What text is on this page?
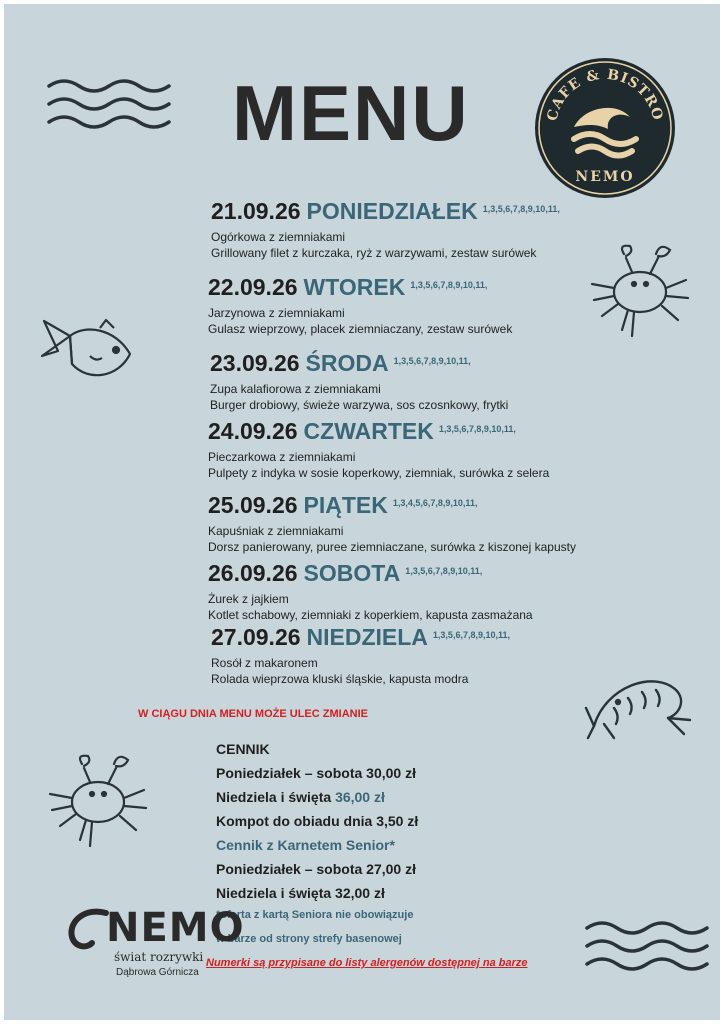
MENU	CAFE & BISTRO
NEMO
21.09.26 PONIEDZIAŁEK $^{1,3,5,6,7,8,9,10,11,}$
Ogórkowa z ziemniakami
Grillowany filet z kurczaka, ryż z warzywami, zestaw surówek
22.09.26 WTOREK $^{1,3,5,6,7,8,9,10,11,}$
Jarzynowa z ziemniakami
Gulasz wieprzowy, placek ziemniaczany, zestaw surówek
23.09.26 ŚRODA $^{1,3,5,6,7,8,9,10,11,}$
Zupa kalafiorowa z ziemniakami
Burger drobiowy, świeże warzywa, sos czosnkowy, frytki
24.09.26 CZWARTEK $^{1,3,5,6,7,8,9,10,11,}$
Pieczarkowa z ziemniakami
Pulpety z indyka w sosie koperkowy, ziemniak, surówka z selera
25.09.26 PIĄTEK $^{1,3,4,5,6,7,8,9,10,11,}$
Kapuśniak z ziemniakami
Dorsz panierowany, puree ziemniaczane, surówka z kiszonej kapusty
26.09.26 SOBOTA $^{1,3,5,6,7,8,9,10,11,}$
Żurek z jajkiem
Kotlet schabowy, ziemniaki z koperkiem, kapusta zasmażana
27.09.26 NIEDZIELA $^{1,3,5,6,7,8,9,10,11,}$
Rosół z makaronem
Rolada wieprzowa kluski śląskie, kapusta modra
W CIĄGU DNIA MENU MOŻE ULEC ZMIANIE
CENNIK
Poniedziałek – sobota 30,00 zł
Niedziela i święta 36,00 zł
Kompot do obiadu dnia 3,50 zł
Cennik z Karnetem Senior*
Poniedziałek – sobota 27,00 zł
Niedziela i święta 32,00 zł
*oferta z kartą Seniora nie obowiązuje
w barze od strony strefy basenowej
NEMO
świat rozrywki
Dąbrowa Górnicza
Numerki są przypisane do listy alergenów dostępnej na barze
